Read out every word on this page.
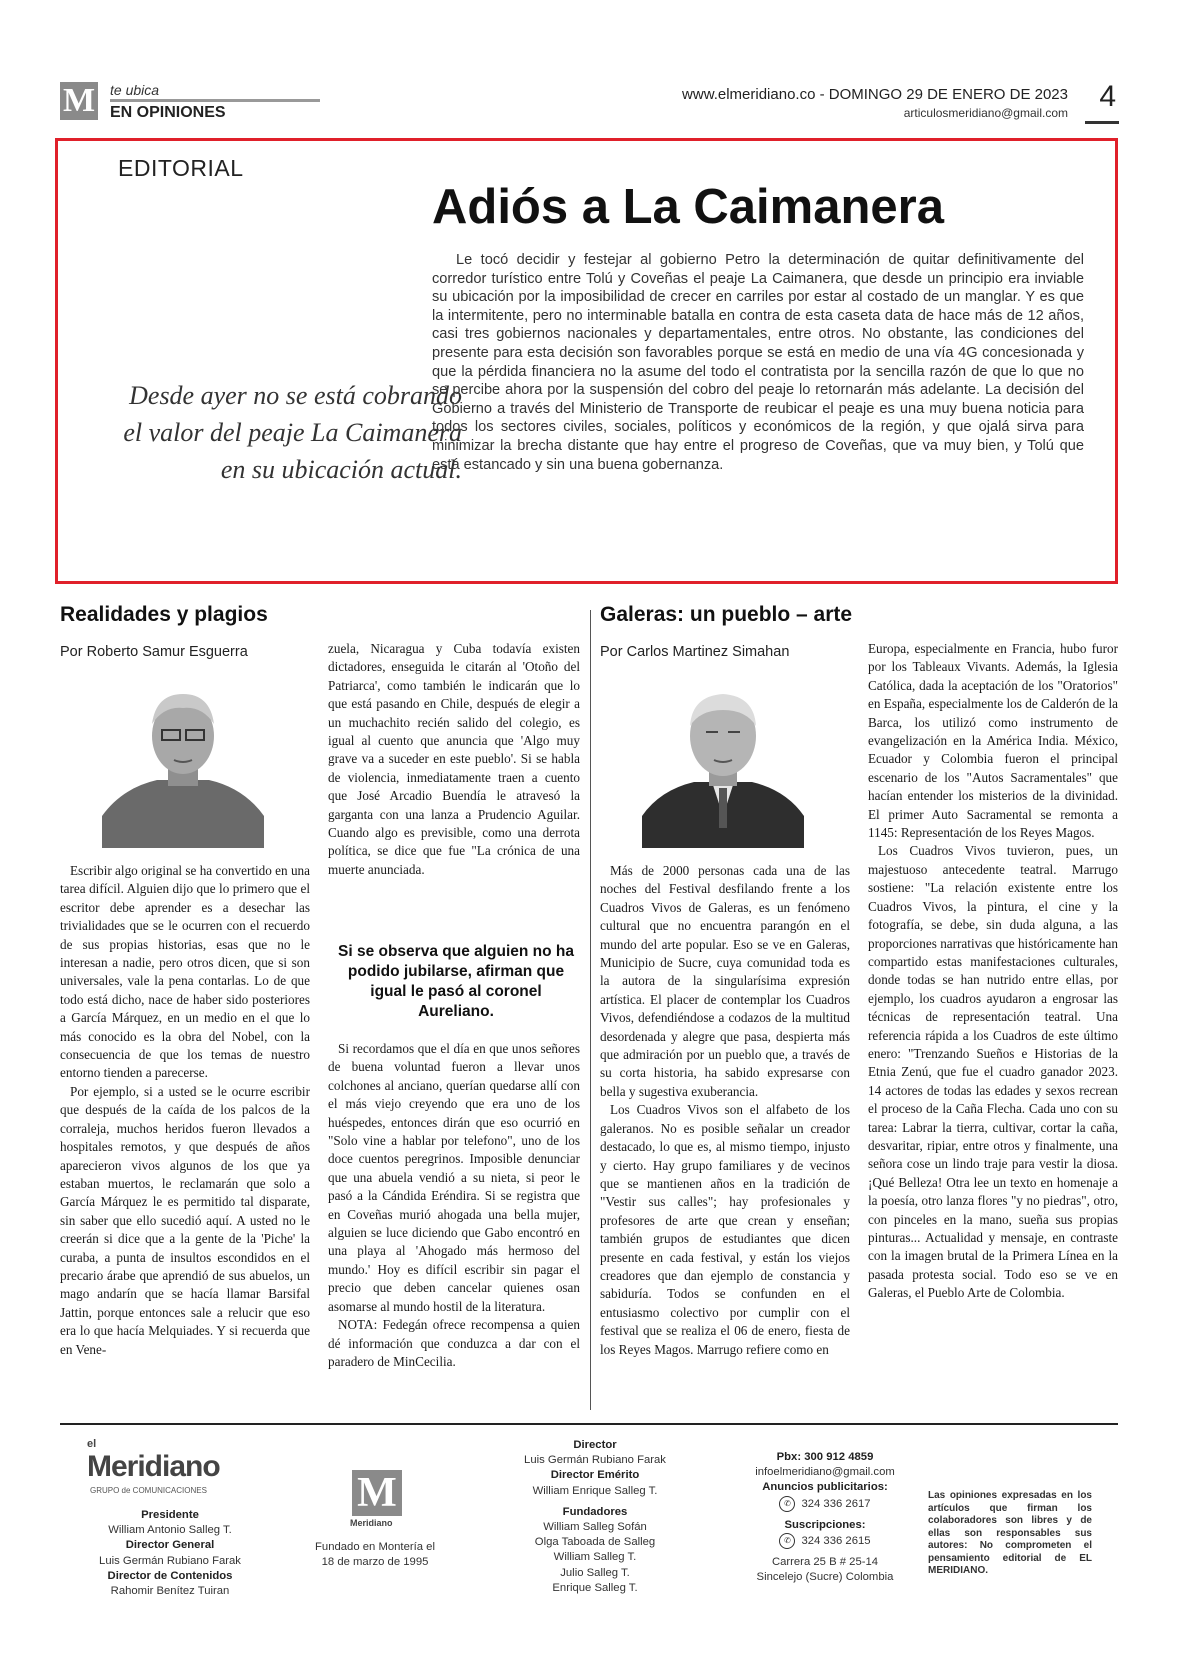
M te ubica
EN OPINIONES
www.elmeridiano.co - DOMINGO 29 DE ENERO DE 2023
articulosmeridiano@gmail.com 4
EDITORIAL
Adiós a La Caimanera
Desde ayer no se está cobrando el valor del peaje La Caimanera en su ubicación actual.

Le tocó decidir y festejar al gobierno Petro la determinación de quitar definitivamente del corredor turístico entre Tolú y Coveñas el peaje La Caimanera, que desde un principio era inviable su ubicación por la imposibilidad de crecer en carriles por estar al costado de un manglar. Y es que la intermitente, pero no interminable batalla en contra de esta caseta data de hace más de 12 años, casi tres gobiernos nacionales y departamentales, entre otros. No obstante, las condiciones del presente para esta decisión son favorables porque se está en medio de una vía 4G concesionada y que la pérdida financiera no la asume del todo el contratista por la sencilla razón de que lo que no se percibe ahora por la suspensión del cobro del peaje lo retornarán más adelante. La decisión del Gobierno a través del Ministerio de Transporte de reubicar el peaje es una muy buena noticia para todos los sectores civiles, sociales, políticos y económicos de la región, y que ojalá sirva para minimizar la brecha distante que hay entre el progreso de Coveñas, que va muy bien, y Tolú que está estancado y sin una buena gobernanza.

Realidades y plagios
Por Roberto Samur Esguerra

Escribir algo original se ha convertido en una tarea difícil. Alguien dijo que lo primero que el escritor debe aprender es a desechar las trivialidades que se le ocurren con el recuerdo de sus propias historias, esas que no le interesan a nadie, pero otros dicen, que si son universales, vale la pena contarlas. Lo de que todo está dicho, nace de haber sido posteriores a García Márquez, en un medio en el que lo más conocido es la obra del Nobel, con la consecuencia de que los temas de nuestro entorno tienden a parecerse.

Por ejemplo, si a usted se le ocurre escribir que después de la caída de los palcos de la corraleja, muchos heridos fueron llevados a hospitales remotos, y que después de años aparecieron vivos algunos de los que ya estaban muertos, le reclamarán que solo a García Márquez le es permitido tal disparate, sin saber que ello sucedió aquí. A usted no le creerán si dice que a la gente de la 'Piche' la curaba, a punta de insultos escondidos en el precario árabe que aprendió de sus abuelos, un mago andarín que se hacía llamar Barsifal Jattin, porque entonces sale a relucir que eso era lo que hacía Melquiades. Y si recuerda que en Vene-

zuela, Nicaragua y Cuba todavía existen dictadores, enseguida le citarán al 'Otoño del Patriarca', como también le indicarán que lo que está pasando en Chile, después de elegir a un muchachito recién salido del colegio, es igual al cuento que anuncia que 'Algo muy grave va a suceder en este pueblo'. Si se habla de violencia, inmediatamente traen a cuento que José Arcadio Buendía le atravesó la garganta con una lanza a Prudencio Aguilar. Cuando algo es previsible, como una derrota política, se dice que fue "La crónica de una muerte anunciada.

Si se observa que alguien no ha podido jubilarse, afirman que igual le pasó al coronel Aureliano.

Si recordamos que el día en que unos señores de buena voluntad fueron a llevar unos colchones al anciano, querían quedarse allí con el más viejo creyendo que era uno de los huéspedes, entonces dirán que eso ocurrió en "Solo vine a hablar por telefono", uno de los doce cuentos peregrinos. Imposible denunciar que una abuela vendió a su nieta, si peor le pasó a la Cándida Eréndira. Si se registra que en Coveñas murió ahogada una bella mujer, alguien se luce diciendo que Gabo encontró en una playa al 'Ahogado más hermoso del mundo.' Hoy es difícil escribir sin pagar el precio que deben cancelar quienes osan asomarse al mundo hostil de la literatura.

NOTA: Fedegán ofrece recompensa a quien dé información que conduzca a dar con el paradero de MinCecilia.

Galeras: un pueblo – arte
Por Carlos Martinez Simahan

Más de 2000 personas cada una de las noches del Festival desfilando frente a los Cuadros Vivos de Galeras, es un fenómeno cultural que no encuentra parangón en el mundo del arte popular. Eso se ve en Galeras, Municipio de Sucre, cuya comunidad toda es la autora de la singularísima expresión artística. El placer de contemplar los Cuadros Vivos, defendiéndose a codazos de la multitud desordenada y alegre que pasa, despierta más que admiración por un pueblo que, a través de su corta historia, ha sabido expresarse con bella y sugestiva exuberancia.

Los Cuadros Vivos son el alfabeto de los galeranos. No es posible señalar un creador destacado, lo que es, al mismo tiempo, injusto y cierto. Hay grupo familiares y de vecinos que se mantienen años en la tradición de "Vestir sus calles"; hay profesionales y profesores de arte que crean y enseñan; también grupos de estudiantes que dicen presente en cada festival, y están los viejos creadores que dan ejemplo de constancia y sabiduría. Todos se confunden en el entusiasmo colectivo por cumplir con el festival que se realiza el 06 de enero, fiesta de los Reyes Magos. Marrugo refiere como en

Europa, especialmente en Francia, hubo furor por los Tableaux Vivants. Además, la Iglesia Católica, dada la aceptación de los "Oratorios" en España, especialmente los de Calderón de la Barca, los utilizó como instrumento de evangelización en la América India. México, Ecuador y Colombia fueron el principal escenario de los "Autos Sacramentales" que hacían entender los misterios de la divinidad. El primer Auto Sacramental se remonta a 1145: Representación de los Reyes Magos.

Los Cuadros Vivos tuvieron, pues, un majestuoso antecedente teatral. Marrugo sostiene: "La relación existente entre los Cuadros Vivos, la pintura, el cine y la fotografía, se debe, sin duda alguna, a las proporciones narrativas que históricamente han compartido estas manifestaciones culturales, donde todas se han nutrido entre ellas, por ejemplo, los cuadros ayudaron a engrosar las técnicas de representación teatral. Una referencia rápida a los Cuadros de este último enero: "Trenzando Sueños e Historias de la Etnia Zenú, que fue el cuadro ganador 2023. 14 actores de todas las edades y sexos recrean el proceso de la Caña Flecha. Cada uno con su tarea: Labrar la tierra, cultivar, cortar la caña, desvaritar, ripiar, entre otros y finalmente, una señora cose un lindo traje para vestir la diosa. ¡Qué Belleza! Otra lee un texto en homenaje a la poesía, otro lanza flores "y no piedras", otro, con pinceles en la mano, sueña sus propias pinturas... Actualidad y mensaje, en contraste con la imagen brutal de la Primera Línea en la pasada protesta social. Todo eso se ve en Galeras, el Pueblo Arte de Colombia.

el
Meridiano
GRUPO de COMUNICACIONES
Presidente
William Antonio Salleg T.
Director General
Luis Germán Rubiano Farak
Director de Contenidos
Rahomir Benítez Tuiran
M
Meridiano
Fundado en Montería el 18 de marzo de 1995
Director
Luis Germán Rubiano Farak
Director Emérito
William Enrique Salleg T.

Fundadores
William Salleg Sofán
Olga Taboada de Salleg
William Salleg T.
Julio Salleg T.
Enrique Salleg T.
Pbx: 300 912 4859
infoelmeridiano@gmail.com
Anuncios publicitarios:
✆ 324 336 2617

Suscripciones:
✆ 324 336 2615

Carrera 25 B # 25-14
Sincelejo (Sucre) Colombia
Las opiniones expresadas en los artículos que firman los colaboradores son libres y de ellas son responsables sus autores: No comprometen el pensamiento editorial de EL MERIDIANO.
